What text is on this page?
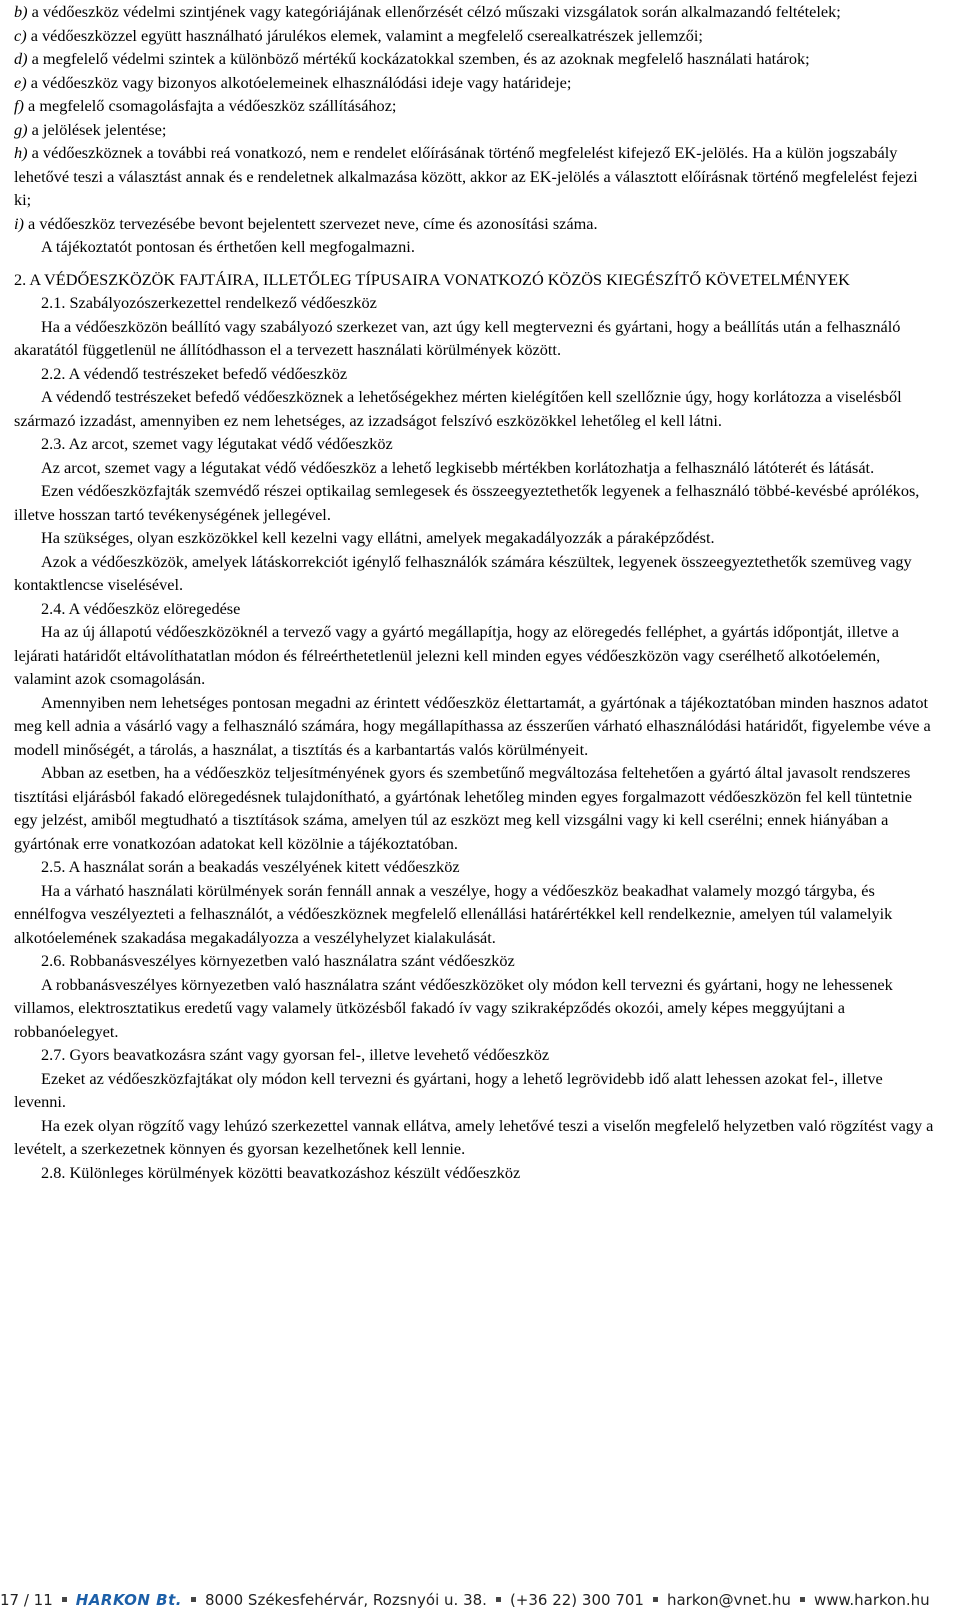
b) a védőeszköz védelmi szintjének vagy kategóriájának ellenőrzését célzó műszaki vizsgálatok során alkalmazandó feltételek;
c) a védőeszközzel együtt használható járulékos elemek, valamint a megfelelő cserealkatrészek jellemzői;
d) a megfelelő védelmi szintek a különböző mértékű kockázatokkal szemben, és az azoknak megfelelő használati határok;
e) a védőeszköz vagy bizonyos alkotóelemeinek elhasználódási ideje vagy határideje;
f) a megfelelő csomagolásfajta a védőeszköz szállításához;
g) a jelölések jelentése;
h) a védőeszköznek a további reá vonatkozó, nem e rendelet előírásának történő megfelelést kifejező EK-jelölés. Ha a külön jogszabály lehetővé teszi a választást annak és e rendeletnek alkalmazása között, akkor az EK-jelölés a választott előírásnak történő megfelelést fejezi ki;
i) a védőeszköz tervezésébe bevont bejelentett szervezet neve, címe és azonosítási száma.
A tájékoztatót pontosan és érthetően kell megfogalmazni.
2. A VÉDŐESZKÖZÖK FAJTÁIRA, ILLETŐLEG TÍPUSAIRA VONATKOZÓ KÖZÖS KIEGÉSZÍTŐ KÖVETELMÉNYEK
2.1. Szabályozószerkezettel rendelkező védőeszköz
Ha a védőeszközön beállító vagy szabályozó szerkezet van, azt úgy kell megtervezni és gyártani, hogy a beállítás után a felhasználó akaratától függetlenül ne állítódhasson el a tervezett használati körülmények között.
2.2. A védendő testrészeket befedő védőeszköz
A védendő testrészeket befedő védőeszköznek a lehetőségekhez mérten kielégítően kell szellőznie úgy, hogy korlátozza a viselésből származó izzadást, amennyiben ez nem lehetséges, az izzadságot felszívó eszközökkel lehetőleg el kell látni.
2.3. Az arcot, szemet vagy légutakat védő védőeszköz
Az arcot, szemet vagy a légutakat védő védőeszköz a lehető legkisebb mértékben korlátozhatja a felhasználó látóterét és látását.
Ezen védőeszközfajták szemvédő részei optikailag semlegesek és összeegyeztethetők legyenek a felhasználó többé-kevésbé aprólékos, illetve hosszan tartó tevékenységének jellegével.
Ha szükséges, olyan eszközökkel kell kezelni vagy ellátni, amelyek megakadályozzák a páraképződést.
Azok a védőeszközök, amelyek látáskorrekciót igénylő felhasználók számára készültek, legyenek összeegyeztethetők szemüveg vagy kontaktlencse viselésével.
2.4. A védőeszköz elöregedése
Ha az új állapotú védőeszközöknél a tervező vagy a gyártó megállapítja, hogy az elöregedés felléphet, a gyártás időpontját, illetve a lejárati határidőt eltávolíthatatlan módon és félreérthetetlenül jelezni kell minden egyes védőeszközön vagy cserélhető alkotóelemén, valamint azok csomagolásán.
Amennyiben nem lehetséges pontosan megadni az érintett védőeszköz élettartamát, a gyártónak a tájékoztatóban minden hasznos adatot meg kell adnia a vásárló vagy a felhasználó számára, hogy megállapíthassa az ésszerűen várható elhasználódási határidőt, figyelembe véve a modell minőségét, a tárolás, a használat, a tisztítás és a karbantartás valós körülményeit.
Abban az esetben, ha a védőeszköz teljesítményének gyors és szembetűnő megváltozása feltehetően a gyártó által javasolt rendszeres tisztítási eljárásból fakadó elöregedésnek tulajdonítható, a gyártónak lehetőleg minden egyes forgalmazott védőeszközön fel kell tüntetnie egy jelzést, amiből megtudható a tisztítások száma, amelyen túl az eszközt meg kell vizsgálni vagy ki kell cserélni; ennek hiányában a gyártónak erre vonatkozóan adatokat kell közölnie a tájékoztatóban.
2.5. A használat során a beakadás veszélyének kitett védőeszköz
Ha a várható használati körülmények során fennáll annak a veszélye, hogy a védőeszköz beakadhat valamely mozgó tárgyba, és ennélfogva veszélyezteti a felhasználót, a védőeszköznek megfelelő ellenállási határértékkel kell rendelkeznie, amelyen túl valamelyik alkotóelemének szakadása megakadályozza a veszélyhelyzet kialakulását.
2.6. Robbanásveszélyes környezetben való használatra szánt védőeszköz
A robbanásveszélyes környezetben való használatra szánt védőeszközöket oly módon kell tervezni és gyártani, hogy ne lehessenek villamos, elektrosztatikus eredetű vagy valamely ütközésből fakadó ív vagy szikraképződés okozói, amely képes meggyújtani a robbanóelegyet.
2.7. Gyors beavatkozásra szánt vagy gyorsan fel-, illetve levehető védőeszköz
Ezeket az védőeszközfajtákat oly módon kell tervezni és gyártani, hogy a lehető legrövidebb idő alatt lehessen azokat fel-, illetve levenni.
Ha ezek olyan rögzítő vagy lehúzó szerkezettel vannak ellátva, amely lehetővé teszi a viselőn megfelelő helyzetben való rögzítést vagy a levételt, a szerkezetnek könnyen és gyorsan kezelhetőnek kell lennie.
2.8. Különleges körülmények közötti beavatkozáshoz készült védőeszköz
17 / 11 HARKON Bt. 8000 Székesfehérvár, Rozsnyói u. 38. (+36 22) 300 701 harkon@vnet.hu www.harkon.hu
